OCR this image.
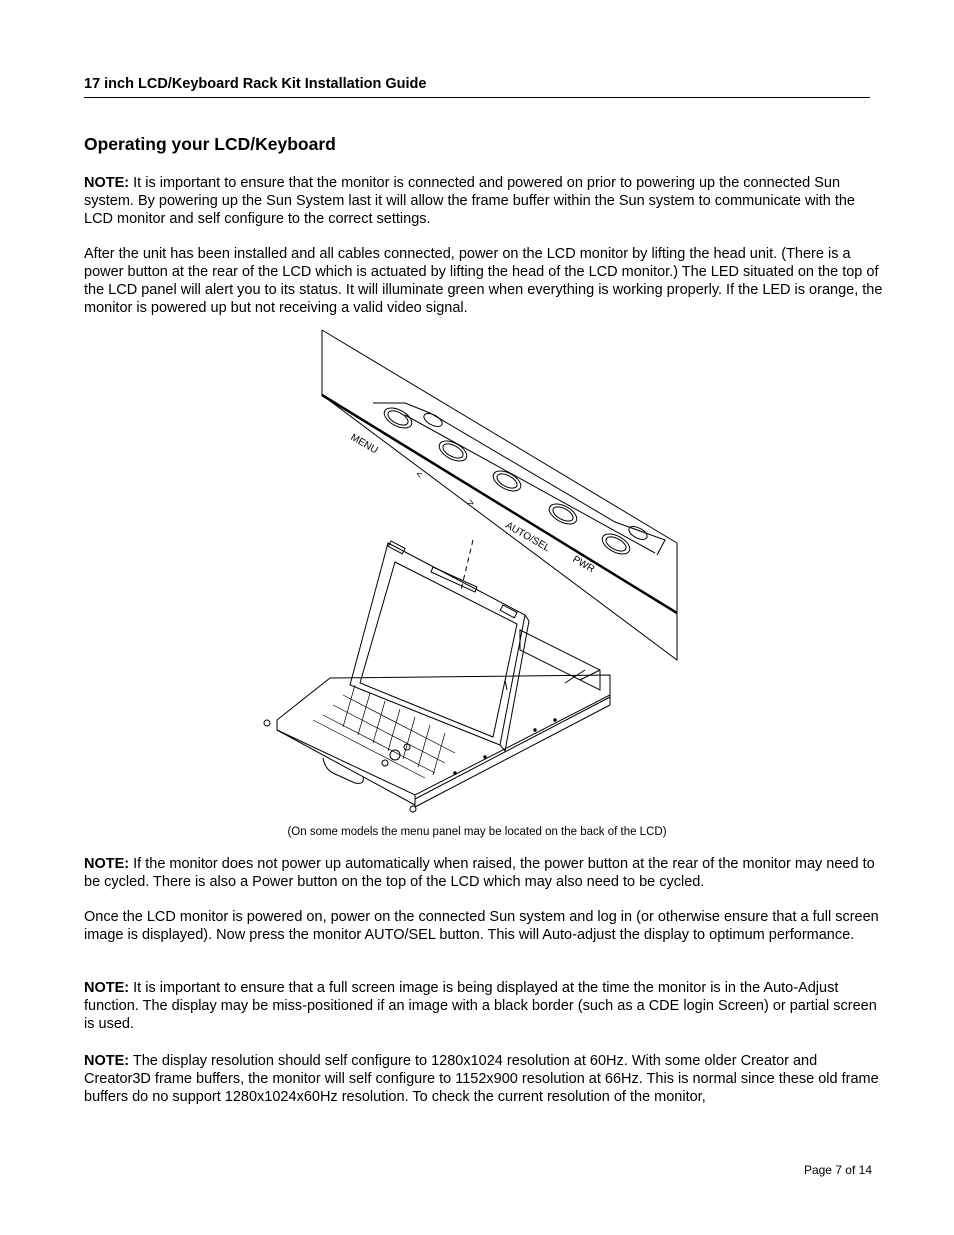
17 inch LCD/Keyboard Rack Kit Installation Guide
Operating your LCD/Keyboard

NOTE: It is important to ensure that the monitor is connected and powered on prior to powering up the connected Sun system. By powering up the Sun System last it will allow the frame buffer within the Sun system to communicate with the LCD monitor and self configure to the correct settings.

After the unit has been installed and all cables connected, power on the LCD monitor by lifting the head unit. (There is a power button at the rear of the LCD which is actuated by lifting the head of the LCD monitor.) The LED situated on the top of the LCD panel will alert you to its status. It will illuminate green when everything is working properly. If the LED is orange, the monitor is powered up but not receiving a valid video signal.

MENU
<
>
AUTO/SEL
PWR
(On some models the menu panel may be located on the back of the LCD)

NOTE: If the monitor does not power up automatically when raised, the power button at the rear of the monitor may need to be cycled. There is also a Power button on the top of the LCD which may also need to be cycled.

Once the LCD monitor is powered on, power on the connected Sun system and log in (or otherwise ensure that a full screen image is displayed). Now press the monitor AUTO/SEL button. This will Auto-adjust the display to optimum performance.

NOTE: It is important to ensure that a full screen image is being displayed at the time the monitor is in the Auto-Adjust function. The display may be miss-positioned if an image with a black border (such as a CDE login Screen) or partial screen is used.

NOTE: The display resolution should self configure to 1280x1024 resolution at 60Hz. With some older Creator and Creator3D frame buffers, the monitor will self configure to 1152x900 resolution at 66Hz. This is normal since these old frame buffers do no support 1280x1024x60Hz resolution. To check the current resolution of the monitor,

Page 7 of 14
